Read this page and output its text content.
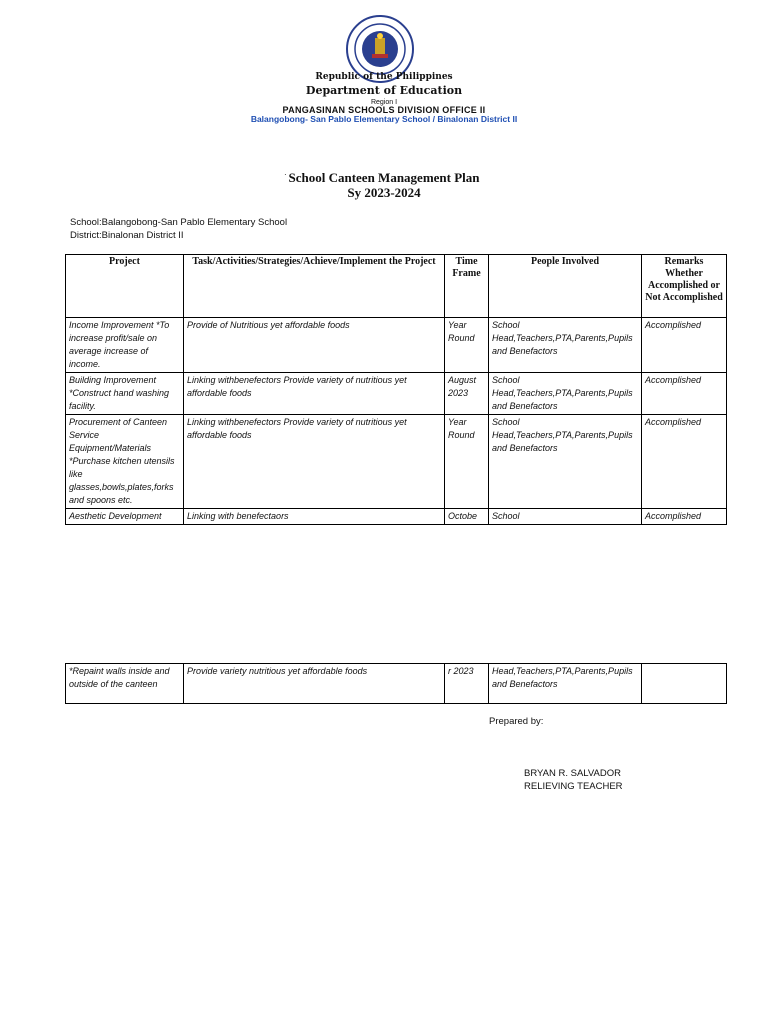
Republic of the Philippines
Department of Education
Region I
PANGASINAN SCHOOLS DIVISION OFFICE II
Balangobong- San Pablo Elementary School / Binalonan District II
· School Canteen Management Plan
Sy 2023-2024
School:Balangobong-San Pablo Elementary School
District:Binalonan District II
Project	Task/Activities/Strategies/Achieve/Implement the Project	Time Frame	People Involved	Remarks Whether Accomplished or Not Accomplished
Income Improvement *To increase profit/sale on average increase of income.	Provide of Nutritious yet affordable foods	Year Round	School Head,Teachers,PTA,Parents,Pupils and Benefactors	Accomplished
Building Improvement *Construct hand washing facility.	Linking withbenefectors Provide variety of nutritious yet affordable foods	August 2023	School Head,Teachers,PTA,Parents,Pupils and Benefactors	Accomplished
Procurement of Canteen Service Equipment/Materials *Purchase kitchen utensils like glasses,bowls,plates,forks and spoons etc.	Linking withbenefectors Provide variety of nutritious yet affordable foods	Year Round	School Head,Teachers,PTA,Parents,Pupils and Benefactors	Accomplished
Aesthetic Development	Linking with benefectaors	Octobe	School	Accomplished
*Repaint walls inside and outside of the canteen	Provide variety nutritious yet affordable foods	r 2023	Head,Teachers,PTA,Parents,Pupils and Benefactors	
Prepared by:
BRYAN R. SALVADOR
RELIEVING TEACHER
